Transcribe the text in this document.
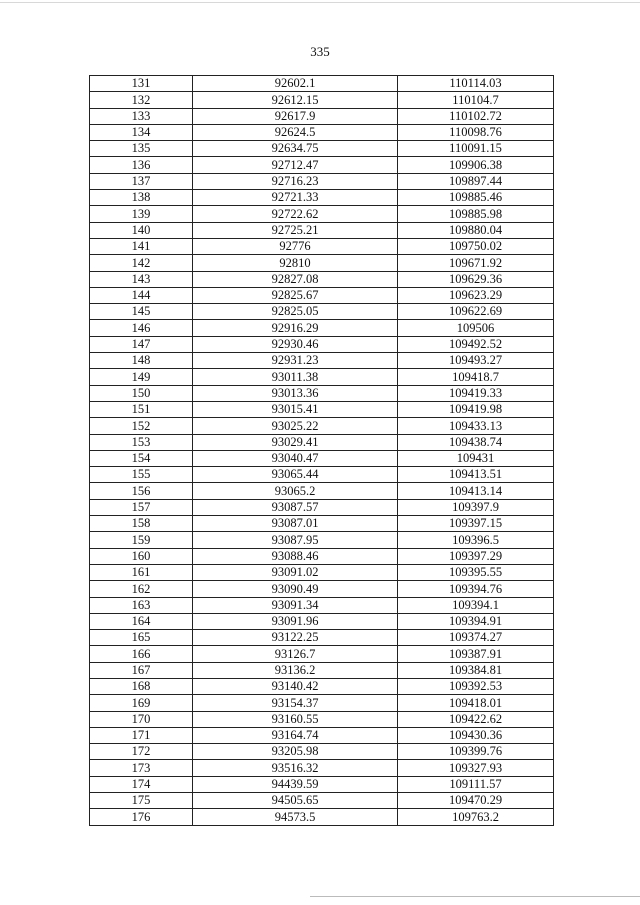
335
131	92602.1	110114.03
132	92612.15	110104.7
133	92617.9	110102.72
134	92624.5	110098.76
135	92634.75	110091.15
136	92712.47	109906.38
137	92716.23	109897.44
138	92721.33	109885.46
139	92722.62	109885.98
140	92725.21	109880.04
141	92776	109750.02
142	92810	109671.92
143	92827.08	109629.36
144	92825.67	109623.29
145	92825.05	109622.69
146	92916.29	109506
147	92930.46	109492.52
148	92931.23	109493.27
149	93011.38	109418.7
150	93013.36	109419.33
151	93015.41	109419.98
152	93025.22	109433.13
153	93029.41	109438.74
154	93040.47	109431
155	93065.44	109413.51
156	93065.2	109413.14
157	93087.57	109397.9
158	93087.01	109397.15
159	93087.95	109396.5
160	93088.46	109397.29
161	93091.02	109395.55
162	93090.49	109394.76
163	93091.34	109394.1
164	93091.96	109394.91
165	93122.25	109374.27
166	93126.7	109387.91
167	93136.2	109384.81
168	93140.42	109392.53
169	93154.37	109418.01
170	93160.55	109422.62
171	93164.74	109430.36
172	93205.98	109399.76
173	93516.32	109327.93
174	94439.59	109111.57
175	94505.65	109470.29
176	94573.5	109763.2
